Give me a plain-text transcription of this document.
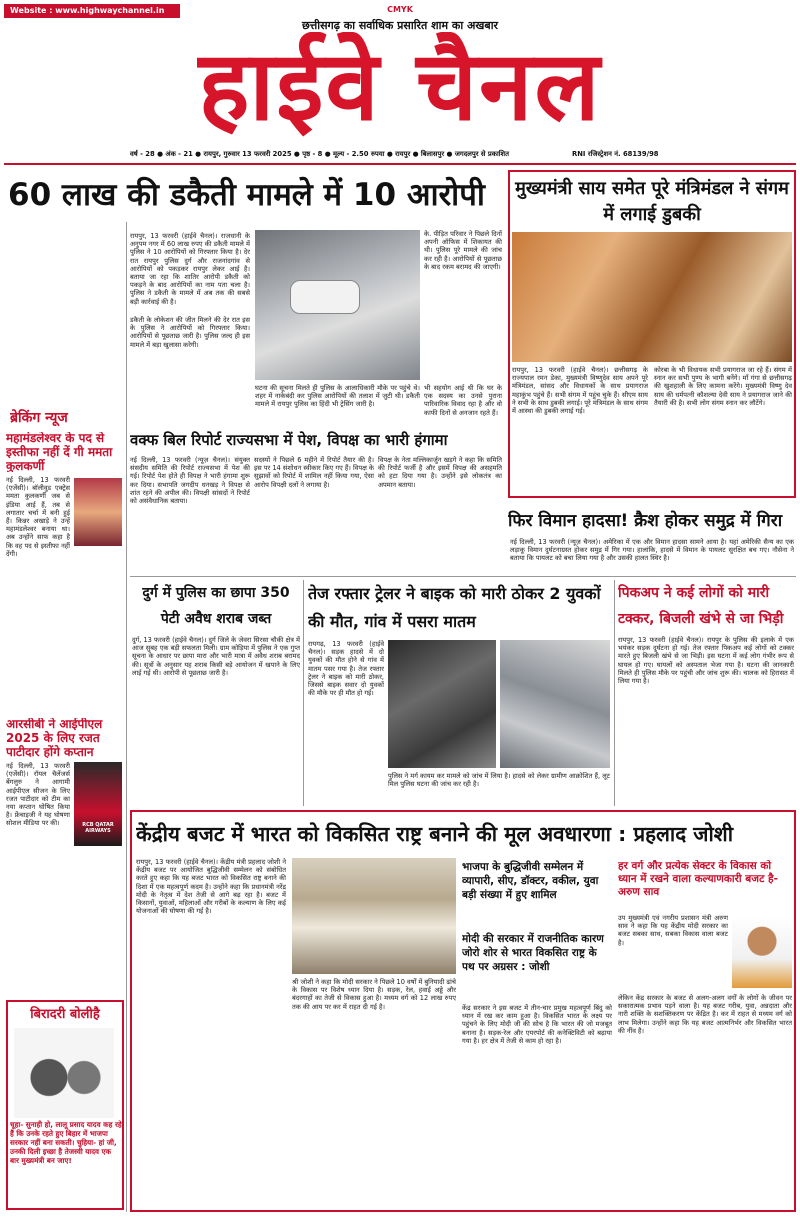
Website : www.highwaychannel.in	CMYK
छत्तीसगढ़ का सर्वाधिक प्रसारित शाम का अखबार
हाईवे चैनल
वर्ष - 28 ● अंक - 21 ● रायपुर, गुरुवार 13 फरवरी 2025 ● पृष्ठ - 8 ● मूल्य - 2.50 रुपया ● रायपुर ● बिलासपुर ● जगदलपुर से प्रकाशित	RNI रजिस्ट्रेशन नं. 68139/98
60 लाख की डकैती मामले में 10 आरोपी
रायपुर, 13 फरवरी (हाईवे चैनल)। राजधानी के अनुपम नगर में 60 लाख रुपए की डकैती मामले में पुलिस ने 10 आरोपियों को गिरफ्तार किया है। देर रात रायपुर पुलिस दुर्ग और राजनांदगांव से आरोपियों को पकड़कर रायपुर लेकर आई है। बताया जा रहा कि शातिर आरोपी डकैती को पकड़ने के बाद आरोपियों का नाम पता चला है। पुलिस ने डकैती के मामले में अब तक की सबसे बड़ी कार्रवाई की है।
डकैती के लोकेशन की जीत मिलने की देर रात इस के पुलिस ने आरोपियों को गिरफ्तार किया। आरोपियों से पूछताछ जारी है। पुलिस जल्द ही इस मामले में बड़ा खुलासा करेगी।
के. पीड़ित परिवार ने पिछले दिनों अपनी ऑफिस में शिकायत की थी। पुलिस पूरे मामले की जांच कर रही है। आरोपियों से पूछताछ के बाद रकम बरामद की जाएगी।
घटना की सूचना मिलते ही पुलिस के आलाधिकारी मौके पर पहुंचे थे। शहर में नाकेबंदी कर पुलिस आरोपियों की तलाश में जुटी थी। डकैती मामले में रायपुर पुलिस का हिंदी भी ट्रेसिंग जारी है।
भी सहयोग आई थी कि घर के एक सदस्य का उनसे पुराना पारिवारिक विवाद रहा है और वो काफी दिनों से अनजान रहते हैं।
ब्रेकिंग न्यूज
महामंडलेश्वर के पद से इस्तीफा नहीं दें गी ममता कुलकर्णी
नई दिल्ली, 13 फरवरी (एजेंसी)। बॉलीवुड एक्ट्रेस ममता कुलकर्णी जब से इंडिया आई हैं, तब से लगातार चर्चा में बनी हुई हैं। किन्नर अखाड़े ने उन्हें महामंडलेश्वर बनाया था। अब उन्होंने साफ कहा है कि वह पद से इस्तीफा नहीं देंगी।
आरसीबी ने आईपीएल 2025 के लिए रजत पाटीदार होंगे कप्तान
नई दिल्ली, 13 फरवरी (एजेंसी)। रॉयल चैलेंजर्स बेंगलुरु ने आगामी आईपीएल सीजन के लिए रजत पाटीदार को टीम का नया कप्तान घोषित किया है। फ्रेंचाइजी ने यह घोषणा सोशल मीडिया पर की।	RCB QATAR AIRWAYS
बिरादरी बोलीहै
चूहा- सुनाही हो, लालू प्रसाद यादव कह रहे हैं कि उनके रहते हुए बिहार में भाजपा सरकार नहीं बना सकती। चुहिया- हां जी, उनकी दिली इच्छा है तेजस्वी यादव एक बार मुख्यमंत्री बन जाए!
मुख्यमंत्री साय समेत पूरे मंत्रिमंडल ने संगम में लगाई डुबकी
रायपुर, 13 फरवरी (हाईवे चैनल)। छत्तीसगढ़ के राज्यपाल रमन डेका, मुख्यमंत्री विष्णुदेव साय अपने पूरे मंत्रिमंडल, सांसद और विधायकों के साथ प्रयागराज महाकुंभ पहुंचे हैं। सभी संगम में पहुंच चुके हैं। सीएम साय ने सभी के साथ डुबकी लगाई। पूरे मंत्रिमंडल के साथ संगम में आस्था की डुबकी लगाई गई।
कोरबा के भी विधायक सभी प्रयागराज जा रहे हैं। संगम में स्नान कर सभी पुण्य के भागी बनेंगे। माँ गंगा से छत्तीसगढ़ की खुशहाली के लिए कामना करेंगे। मुख्यमंत्री विष्णु देव साय की धर्मपत्नी कौशल्या देवी साय ने प्रयागराज जाने की तैयारी की है। सभी लोग संगम स्नान कर लौटेंगे।
वक्फ बिल रिपोर्ट राज्यसभा में पेश, विपक्ष का भारी हंगामा
नई दिल्ली, 13 फरवरी (न्यूज़ चैनल)। संयुक्त संसदीय समिति की रिपोर्ट राज्यसभा में पेश की गई। रिपोर्ट पेश होते ही विपक्ष ने भारी हंगामा शुरू कर दिया। सभापति जगदीप धनखड़ ने विपक्ष से शांत रहने की अपील की। विपक्षी सांसदों ने रिपोर्ट को असंवैधानिक बताया।
सदस्यों ने पिछले 6 महीने में रिपोर्ट तैयार की है। इस पर 14 संशोधन स्वीकार किए गए हैं। विपक्ष के सुझावों को रिपोर्ट में शामिल नहीं किया गया, ऐसा आरोप विपक्षी दलों ने लगाया है।
विपक्ष के नेता मल्लिकार्जुन खड़गे ने कहा कि समिति की रिपोर्ट फर्जी है और इसमें विपक्ष की असहमति को हटा दिया गया है। उन्होंने इसे लोकतंत्र का अपमान बताया।
फिर विमान हादसा! क्रैश होकर समुद्र में गिरा
नई दिल्ली, 13 फरवरी (न्यूज़ चैनल)। अमेरिका में एक और विमान हादसा सामने आया है। यहां अमेरिकी सैन्य का एक लड़ाकू विमान दुर्घटनाग्रस्त होकर समुद्र में गिर गया। हालांकि, हादसे में विमान के पायलट सुरक्षित बच गए। नौसेना ने बताया कि पायलट को बचा लिया गया है और उसकी हालत स्थिर है।
दुर्ग में पुलिस का छापा 350 पेटी अवैध शराब जब्त
दुर्ग, 13 फरवरी (हाईवे चैनल)। दुर्ग जिले के जेवरा सिरसा चौकी क्षेत्र में आज सुबह एक बड़ी सफलता मिली। ग्राम कोड़िया में पुलिस ने एक गुप्त सूचना के आधार पर छापा मारा और भारी मात्रा में अवैध शराब बरामद की। सूत्रों के अनुसार यह शराब किसी बड़े आयोजन में खपाने के लिए लाई गई थी। आरोपी से पूछताछ जारी है।
तेज रफ्तार ट्रेलर ने बाइक को मारी ठोकर 2 युवकों की मौत, गांव में पसरा मातम
रायगढ़, 13 फरवरी (हाईवे चैनल)। सड़क हादसे में दो युवकों की मौत होने से गांव में मातम पसर गया है। तेज रफ्तार ट्रेलर ने बाइक को मारी ठोकर, जिससे बाइक सवार दो युवकों की मौके पर ही मौत हो गई।
पुलिस ने मर्ग कायम कर मामले को जांच में लिया है। हादसे को लेकर ग्रामीण आक्रोशित हैं, लूट मिल पुलिस घटना की जांच कर रही है।
पिकअप ने कई लोगों को मारी टक्कर, बिजली खंभे से जा भिड़ी
रायपुर, 13 फरवरी (हाईवे चैनल)। रायपुर के पुलिस की इलाके में एक भयंकर सड़क दुर्घटना हो गई। तेज रफ्तार पिकअप कई लोगों को टक्कर मारते हुए बिजली खंभे से जा भिड़ी। इस घटना में कई लोग गंभीर रूप से घायल हो गए। घायलों को अस्पताल भेजा गया है। घटना की जानकारी मिलते ही पुलिस मौके पर पहुंची और जांच शुरू की। चालक को हिरासत में लिया गया है।
केंद्रीय बजट में भारत को विकसित राष्ट्र बनाने की मूल अवधारणा : प्रहलाद जोशी
रायपुर, 13 फरवरी (हाईवे चैनल)। केंद्रीय मंत्री प्रहलाद जोशी ने केंद्रीय बजट पर आयोजित बुद्धिजीवी सम्मेलन को संबोधित करते हुए कहा कि यह बजट भारत को विकसित राष्ट्र बनाने की दिशा में एक महत्वपूर्ण कदम है। उन्होंने कहा कि प्रधानमंत्री नरेंद्र मोदी के नेतृत्व में देश तेजी से आगे बढ़ रहा है। बजट में किसानों, युवाओं, महिलाओं और गरीबों के कल्याण के लिए कई योजनाओं की घोषणा की गई है।
श्री जोशी ने कहा कि मोदी सरकार ने पिछले 10 वर्षों में बुनियादी ढांचे के विकास पर विशेष ध्यान दिया है। सड़क, रेल, हवाई अड्डे और बंदरगाहों का तेजी से विकास हुआ है। मध्यम वर्ग को 12 लाख रुपए तक की आय पर कर में राहत दी गई है।
भाजपा के बुद्धिजीवी सम्मेलन में व्यापारी, सीए, डॉक्टर, वकील, युवा बड़ी संख्या में हुए शामिल
मोदी की सरकार में राजनीतिक कारण जोरो शोर से भारत विकसित राष्ट्र के पथ पर अग्रसर : जोशी
केंद्र सरकार ने इस बजट में तीन-चार प्रमुख महत्वपूर्ण बिंदु को ध्यान में रख कर काम हुआ है। विकसित भारत के लक्ष्य पर पहुंचने के लिए मोदी जी की सोच है कि भारत की जो मजबूत बनाना है। सड़क-रेल और एयरपोर्ट की कनेक्टिविटी को बढ़ाया गया है। हर क्षेत्र में तेजी से काम हो रहा है।
हर वर्ग और प्रत्येक सेक्टर के विकास को ध्यान में रखने वाला कल्याणकारी बजट है-अरुण साव
उप मुख्यमंत्री एवं नगरीय प्रशासन मंत्री अरुण साव ने कहा कि यह केंद्रीय मोदी सरकार का बजट सबका साथ, सबका विकास वाला बजट है।
लेकिन केंद्र सरकार के बजट से अलग-अलग वर्गों के लोगों के जीवन पर सकारात्मक प्रभाव पड़ने वाला है। यह बजट गरीब, युवा, अन्नदाता और नारी शक्ति के सशक्तिकरण पर केंद्रित है। कर में राहत से मध्यम वर्ग को लाभ मिलेगा। उन्होंने कहा कि यह बजट आत्मनिर्भर और विकसित भारत की नींव है।
